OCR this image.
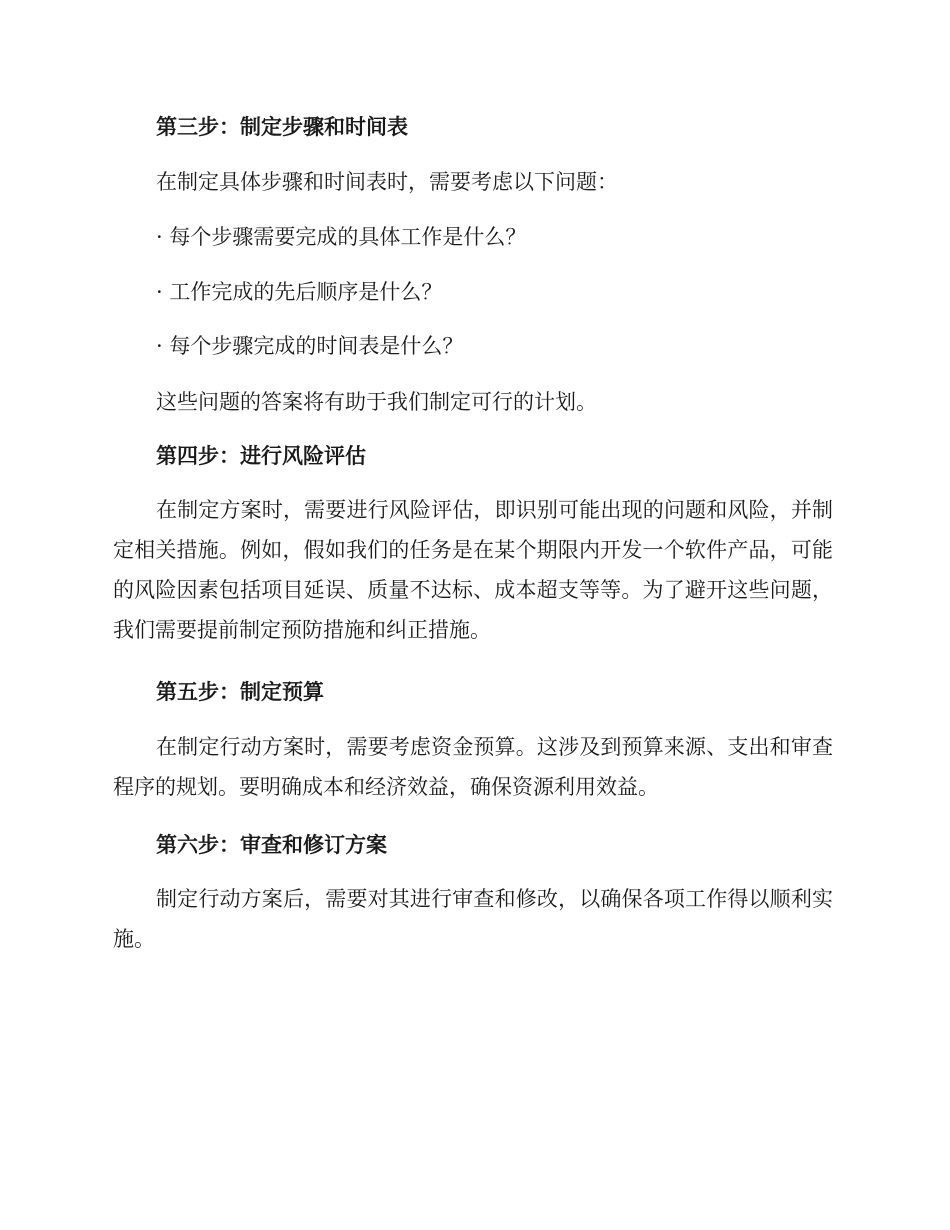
第三步：制定步骤和时间表

在制定具体步骤和时间表时，需要考虑以下问题：

· 每个步骤需要完成的具体工作是什么？

· 工作完成的先后顺序是什么？

· 每个步骤完成的时间表是什么？

这些问题的答案将有助于我们制定可行的计划。

第四步：进行风险评估

在制定方案时，需要进行风险评估，即识别可能出现的问题和风险，并制定相关措施。例如，假如我们的任务是在某个期限内开发一个软件产品，可能的风险因素包括项目延误、质量不达标、成本超支等等。为了避开这些问题，我们需要提前制定预防措施和纠正措施。

第五步：制定预算

在制定行动方案时，需要考虑资金预算。这涉及到预算来源、支出和审查程序的规划。要明确成本和经济效益，确保资源利用效益。

第六步：审查和修订方案

制定行动方案后，需要对其进行审查和修改，以确保各项工作得以顺利实施。
